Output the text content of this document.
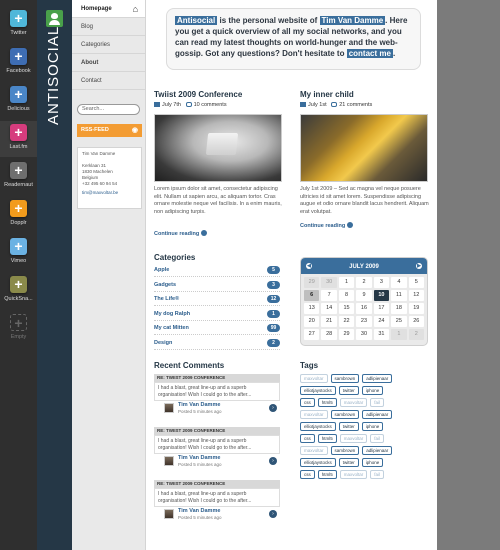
+
Twitter
+
Facebook
+
Delicious
+
Last.fm
+
Readernaut
+
Dopplr
+
Vimeo
+
QuickSna...
+
Empty
ANTISOCIAL
Homepage ⌂
Blog
Categories
About
Contact
Search...
RSS-FEED	◉
Tim Van Damme

Kerklaan 31
1830 Machelen
Belgium
+32 495 60 94 54
tim@maxvoltar.be
Antisocial is the personal website of Tim Van Damme . Here you get a quick overview of all my social networks, and you can read my latest thoughts on world-hunger and the web-gossip. Got any questions? Don't hesitate to contact me .
Twiist 2009 Conference
July 7th 10 comments
Lorem ipsum dolor sit amet, consectetur adipiscing elit. Nullam ut sapien arcu, ac aliquam tortor. Cras ornare molestie neque vel facilisis. In a enim mauris, non adipiscing turpis.
Continue reading
My inner child
July 1st 21 comments
July 1st 2009 – Sed ac magna vel neque posuere ultricies id sit amet lorem. Suspendisse adipiscing augue et odio ornare blandit lacus hendrerit. Aliquam erat volutpat.
Continue reading
Categories
Apple	5
Gadgets	3
The Life®	12
My dog Ralph	1
My cat Mitten	99
Design	2
◀	JULY 2009	▶
29	30	1	2	3	4	5
6	7	8	9	10	11	12
13	14	15	16	17	18	19
20	21	22	23	24	25	26
27	28	29	30	31	1	2
Recent Comments
RE: TWIIST 2009 CONFERENCE
I had a blast, great line-up and a superb organisation! Wish I could go to the after...
Tim Van Damme
Posted 5 minutes ago
›
RE: TWIIST 2009 CONFERENCE
I had a blast, great line-up and a superb organisation! Wish I could go to the after...
Tim Van Damme
Posted 5 minutes ago
›
RE: TWIIST 2009 CONFERENCE
I had a blast, great line-up and a superb organisation! Wish I could go to the after...
Tim Van Damme
Posted 5 minutes ago
›
Tags
maxvoltar	sambrown	adlipienaar
elliotjaystocks	twitter	iphone
css	html5	maxvoltar	fail
maxvoltar	sambrown	adlipienaar
elliotjaystocks	twitter	iphone
css	html5	maxvoltar	fail
maxvoltar	sambrown	adlipienaar
elliotjaystocks	twitter	iphone
css	html5	maxvoltar	fail
